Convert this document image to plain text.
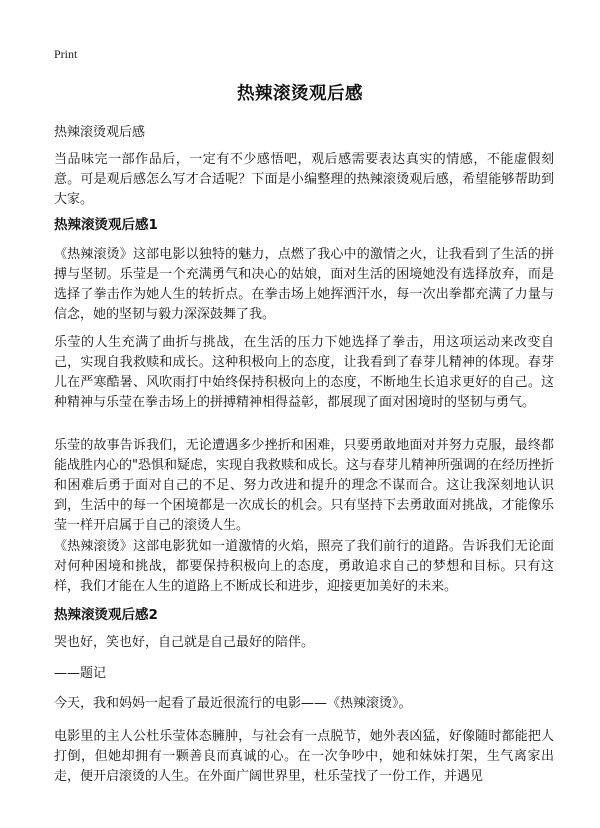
Print
热辣滚烫观后感
热辣滚烫观后感

当品味完一部作品后，一定有不少感悟吧，观后感需要表达真实的情感，不能虚假刻意。可是观后感怎么写才合适呢？下面是小编整理的热辣滚烫观后感，希望能够帮助到大家。

热辣滚烫观后感1

《热辣滚烫》这部电影以独特的魅力，点燃了我心中的激情之火，让我看到了生活的拼搏与坚韧。乐莹是一个充满勇气和决心的姑娘，面对生活的困境她没有选择放弃，而是选择了拳击作为她人生的转折点。在拳击场上她挥洒汗水，每一次出拳都充满了力量与信念，她的坚韧与毅力深深鼓舞了我。

乐莹的人生充满了曲折与挑战，在生活的压力下她选择了拳击，用这项运动来改变自己，实现自我救赎和成长。这种积极向上的态度，让我看到了春芽儿精神的体现。春芽儿在严寒酷暑、风吹雨打中始终保持积极向上的态度，不断地生长追求更好的自己。这种精神与乐莹在拳击场上的拼搏精神相得益彰，都展现了面对困境时的坚韧与勇气。

乐莹的故事告诉我们，无论遭遇多少挫折和困难，只要勇敢地面对并努力克服，最终都能战胜内心的"恐惧和疑虑，实现自我救赎和成长。这与春芽儿精神所强调的在经历挫折和困难后勇于面对自己的不足、努力改进和提升的理念不谋而合。这让我深刻地认识到，生活中的每一个困境都是一次成长的机会。只有坚持下去勇敢面对挑战，才能像乐莹一样开启属于自己的滚烫人生。

《热辣滚烫》这部电影犹如一道激情的火焰，照亮了我们前行的道路。告诉我们无论面对何种困境和挑战，都要保持积极向上的态度，勇敢追求自己的梦想和目标。只有这样，我们才能在人生的道路上不断成长和进步，迎接更加美好的未来。

热辣滚烫观后感2

哭也好，笑也好，自己就是自己最好的陪伴。

——题记

今天，我和妈妈一起看了最近很流行的电影——《热辣滚烫》。

电影里的主人公杜乐莹体态臃肿，与社会有一点脱节，她外表凶猛，好像随时都能把人打倒，但她却拥有一颗善良而真诚的心。在一次争吵中，她和妹妹打架，生气离家出走，便开启滚烫的人生。在外面广阔世界里，杜乐莹找了一份工作，并遇见
